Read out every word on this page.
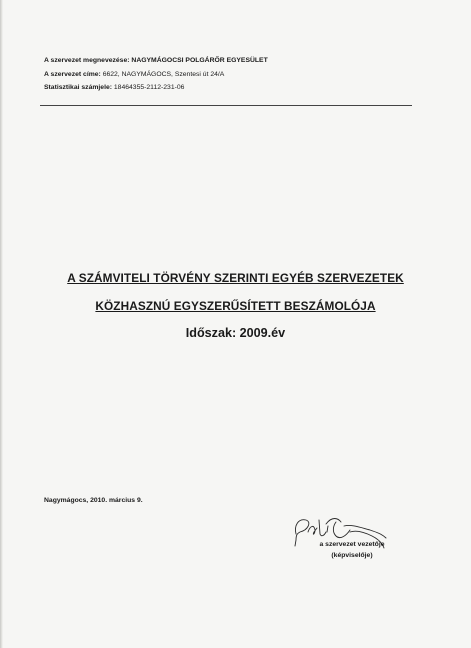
A szervezet megnevezése: NAGYMÁGOCSI POLGÁRŐR EGYESÜLET
A szervezet címe: 6622, NAGYMÁGOCS, Szentesi út 24/A
Statisztikai számjele: 18464355-2112-231-06
A SZÁMVITELI TÖRVÉNY SZERINTI EGYÉB SZERVEZETEK
KÖZHASZNÚ EGYSZERŰSÍTETT BESZÁMOLÓJA
Időszak: 2009.év
Nagymágocs, 2010. március 9.
a szervezet vezetője
(képviselője)
